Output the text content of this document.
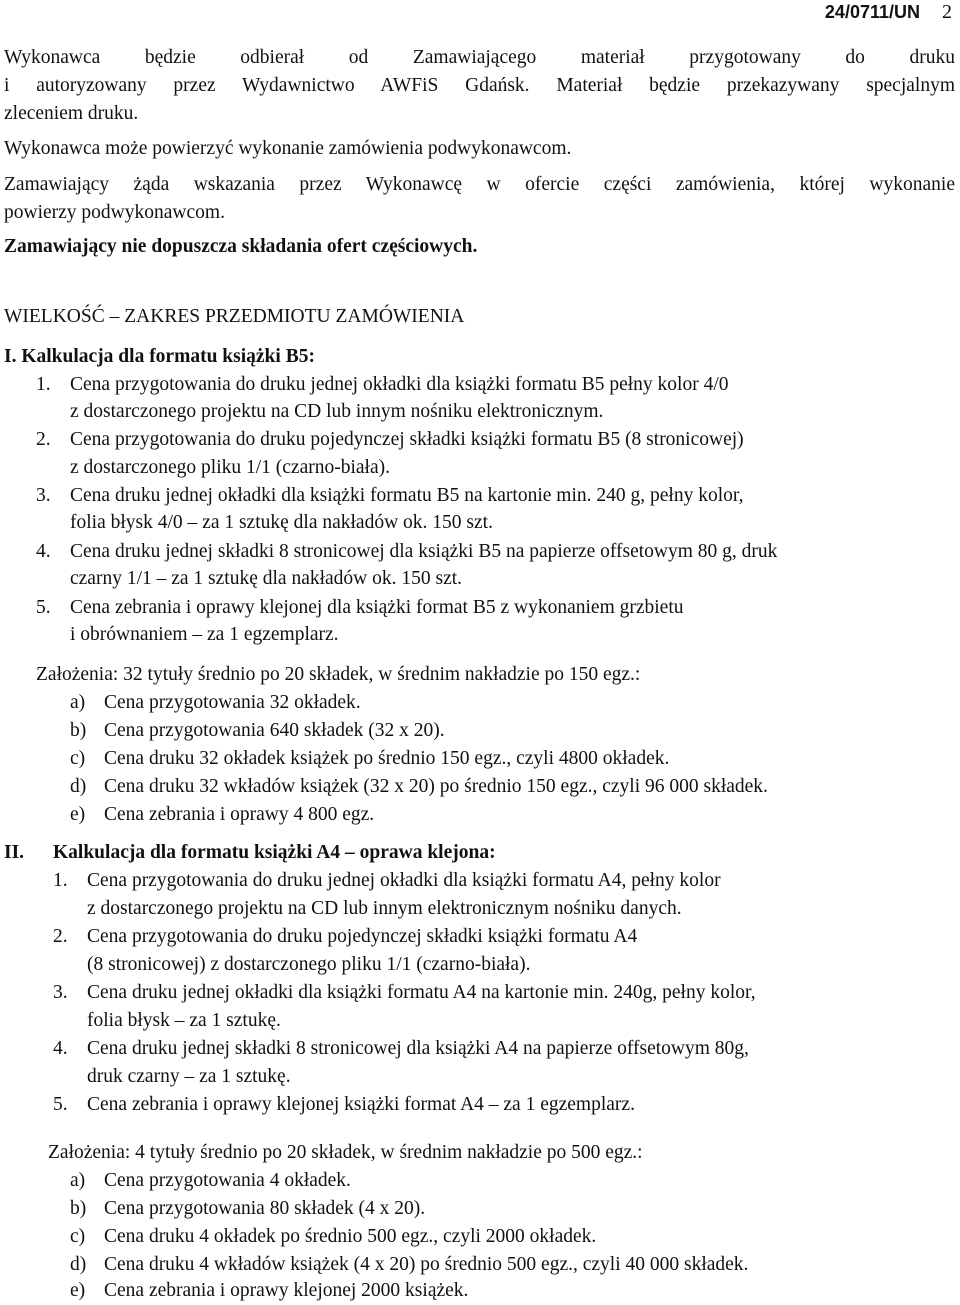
24/0711/UN 2
Wykonawca będzie odbierał od Zamawiającego materiał przygotowany do druku
i autoryzowany przez Wydawnictwo AWFiS Gdańsk. Materiał będzie przekazywany specjalnym
zleceniem druku.
Wykonawca może powierzyć wykonanie zamówienia podwykonawcom.
Zamawiający żąda wskazania przez Wykonawcę w ofercie części zamówienia, której wykonanie
powierzy podwykonawcom.
Zamawiający nie dopuszcza składania ofert częściowych.
WIELKOŚĆ – ZAKRES PRZEDMIOTU ZAMÓWIENIA
I. Kalkulacja dla formatu książki B5:
1. Cena przygotowania do druku jednej okładki dla książki formatu B5 pełny kolor 4/0
z dostarczonego projektu na CD lub innym nośniku elektronicznym.
2. Cena przygotowania do druku pojedynczej składki książki formatu B5 (8 stronicowej)
z dostarczonego pliku 1/1 (czarno-biała).
3. Cena druku jednej okładki dla książki formatu B5 na kartonie min. 240 g, pełny kolor,
folia błysk 4/0 – za 1 sztukę dla nakładów ok. 150 szt.
4. Cena druku jednej składki 8 stronicowej dla książki B5 na papierze offsetowym 80 g, druk
czarny 1/1 – za 1 sztukę dla nakładów ok. 150 szt.
5. Cena zebrania i oprawy klejonej dla książki format B5 z wykonaniem grzbietu
i obrównaniem – za 1 egzemplarz.
Założenia: 32 tytuły średnio po 20 składek, w średnim nakładzie po 150 egz.:
a) Cena przygotowania 32 okładek.
b) Cena przygotowania 640 składek (32 x 20).
c) Cena druku 32 okładek książek po średnio 150 egz., czyli 4800 okładek.
d) Cena druku 32 wkładów książek (32 x 20) po średnio 150 egz., czyli 96 000 składek.
e) Cena zebrania i oprawy 4 800 egz.
II. Kalkulacja dla formatu książki A4 – oprawa klejona:
1. Cena przygotowania do druku jednej okładki dla książki formatu A4, pełny kolor
z dostarczonego projektu na CD lub innym elektronicznym nośniku danych.
2. Cena przygotowania do druku pojedynczej składki książki formatu A4
(8 stronicowej) z dostarczonego pliku 1/1 (czarno-biała).
3. Cena druku jednej okładki dla książki formatu A4 na kartonie min. 240g, pełny kolor,
folia błysk – za 1 sztukę.
4. Cena druku jednej składki 8 stronicowej dla książki A4 na papierze offsetowym 80g,
druk czarny – za 1 sztukę.
5. Cena zebrania i oprawy klejonej książki format A4 – za 1 egzemplarz.
Założenia: 4 tytuły średnio po 20 składek, w średnim nakładzie po 500 egz.:
a) Cena przygotowania 4 okładek.
b) Cena przygotowania 80 składek (4 x 20).
c) Cena druku 4 okładek po średnio 500 egz., czyli 2000 okładek.
d) Cena druku 4 wkładów książek (4 x 20) po średnio 500 egz., czyli 40 000 składek.
e) Cena zebrania i oprawy klejonej 2000 książek.
